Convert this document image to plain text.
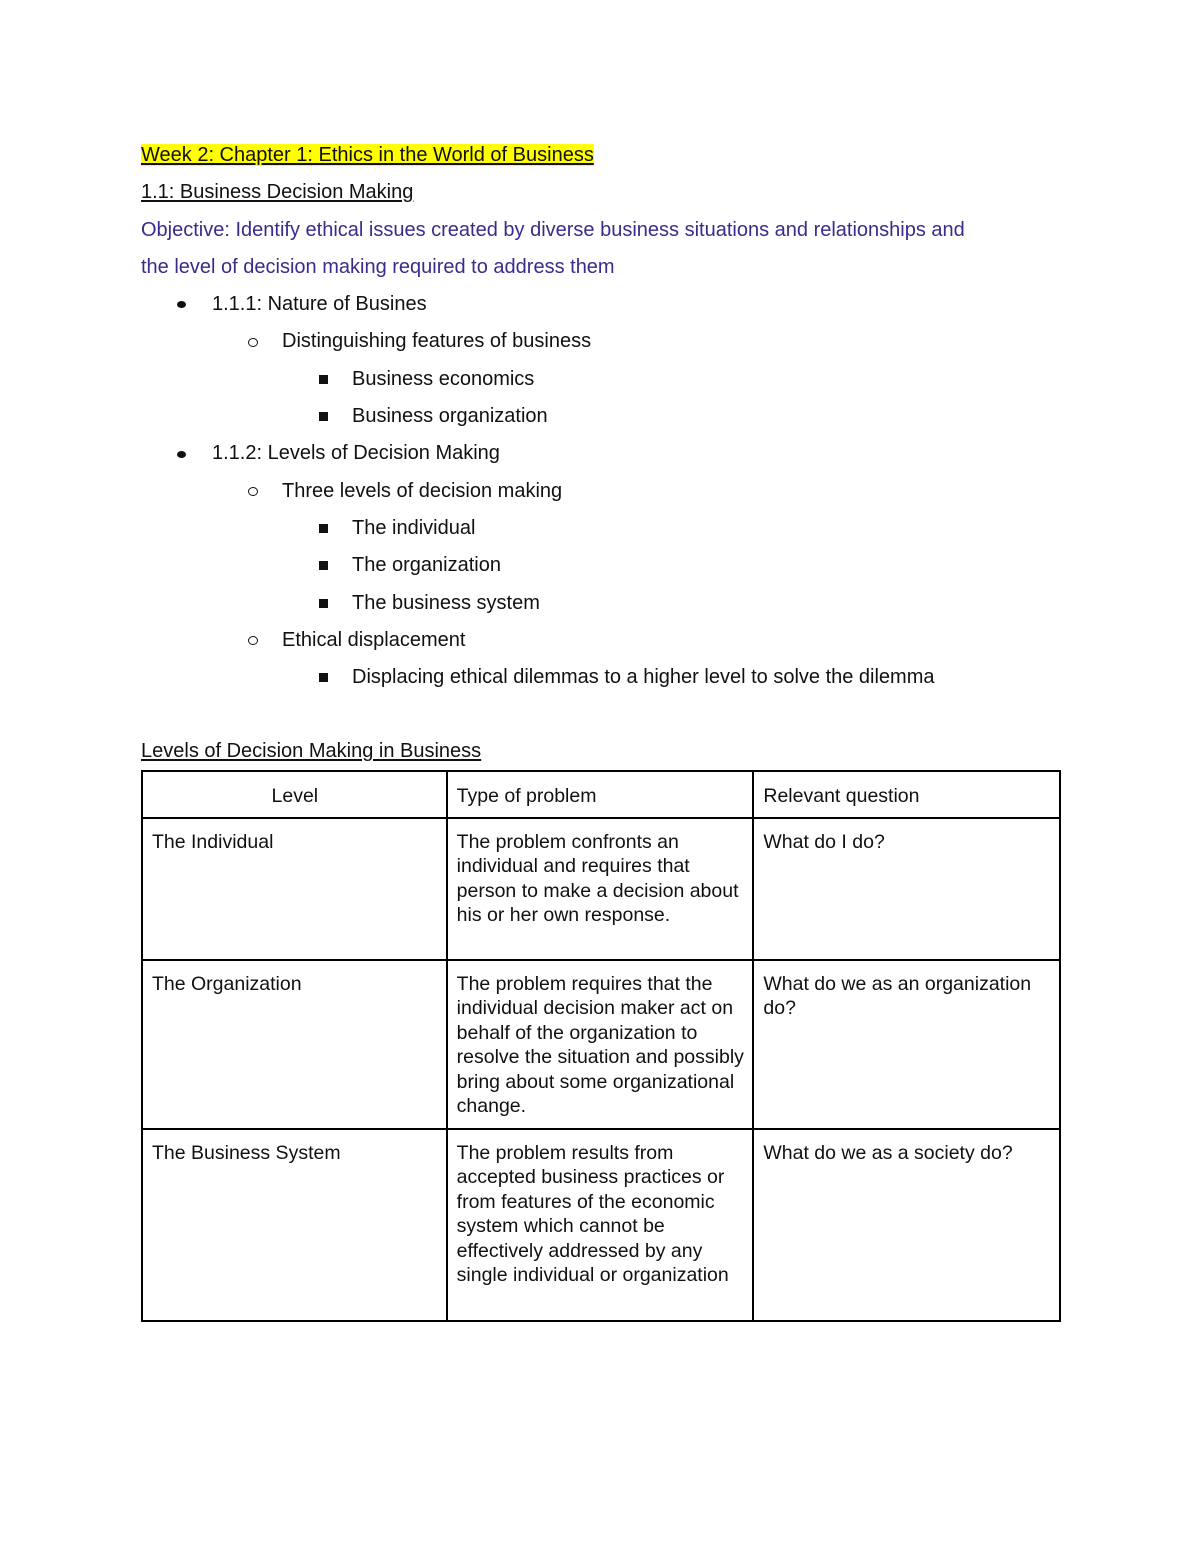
Week 2: Chapter 1: Ethics in the World of Business
1.1: Business Decision Making
Objective: Identify ethical issues created by diverse business situations and relationships and
the level of decision making required to address them
1.1.1: Nature of Busines
Distinguishing features of business
Business economics
Business organization
1.1.2: Levels of Decision Making
Three levels of decision making
The individual
The organization
The business system
Ethical displacement
Displacing ethical dilemmas to a higher level to solve the dilemma
Levels of Decision Making in Business
Level	Type of problem	Relevant question
The Individual	The problem confronts an individual and requires that person to make a decision about his or her own response.	What do I do?
The Organization	The problem requires that the individual decision maker act on behalf of the organization to resolve the situation and possibly bring about some organizational change.	What do we as an organization do?
The Business System	The problem results from accepted business practices or from features of the economic system which cannot be effectively addressed by any single individual or organization	What do we as a society do?
